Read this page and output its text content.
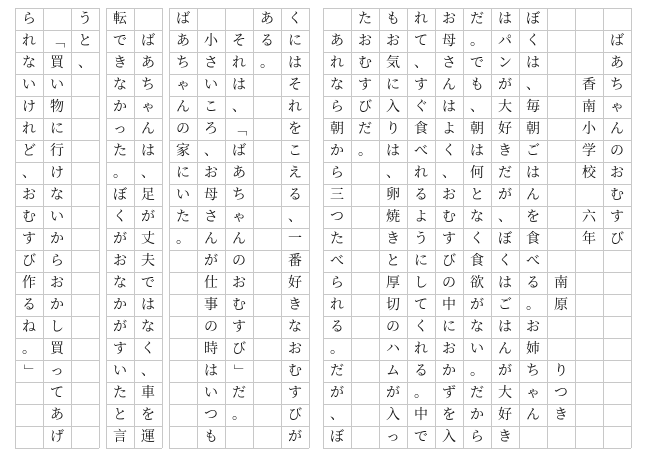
ば
あ
ち
ゃ
ん
の
お
む
す
び
香
南
小
学
校
六
年
南
原

り
つ
き
ぼ
く
は
、
毎
朝
ご
は
ん
を
食
べ
る
。
お
姉
ち
ゃ
ん
は
パ
ン
が
大
好
き
だ
が
、
ぼ
く
は
ご
は
ん
が
大
好
き
だ
。
で
も
、
朝
は
何
と
な
く
食
欲
が
な
い
。
だ
か
ら
お
母
さ
ん
は
よ
く
、
お
む
す
び
の
中
に
お
か
ず
を
入
れ
て
、
す
ぐ
食
べ
れ
る
よ
う
に
し
て
く
れ
る
。
中
で
も
お
気
に
入
り
は
、
卵
焼
き
と
厚
切
の
ハ
ム
が
入
っ
た
お
む
す
び
だ
。
あ
れ
な
ら
朝
か
ら
三
つ
た
べ
ら
れ
る
。
だ
が
、
ぼ
く
に
は
そ
れ
を
こ
え
る
、
一
番
好
き
な
お
む
す
び
が
あ
る
。
そ
れ
は
、
「
ば
あ
ち
ゃ
ん
の
お
む
す
び
」
だ
。
小
さ
い
こ
ろ
、
お
母
さ
ん
が
仕
事
の
時
は
い
つ
も
ば
あ
ち
ゃ
ん
の
家
に
い
た
。
ば
あ
ち
ゃ
ん
は
、
足
が
丈
夫
で
は
な
く
、
車
を
運
転
で
き
な
か
っ
た
。
ぼ
く
が
お
な
か
が
す
い
た
と
言
う
と
、
「
買
い
物
に
行
け
な
い
か
ら
お
か
し
買
っ
て
あ
げ
ら
れ
な
い
け
れ
ど
、
お
む
す
び
作
る
ね
。
」
